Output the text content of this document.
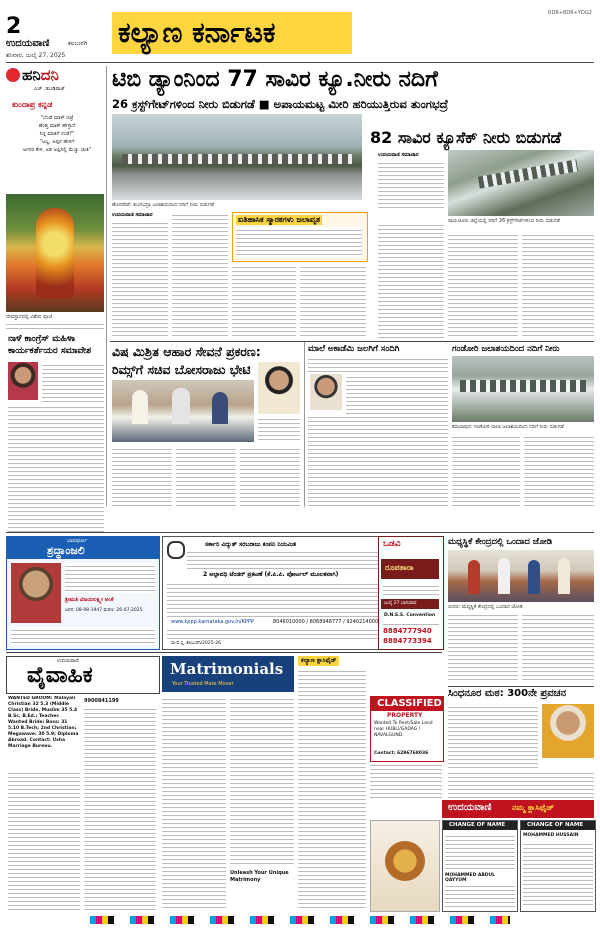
2
ಉದಯವಾಣಿ	ಕಲಬುರಗಿ
ಶನಿವಾರ, ಜುಲೈ 27, 2025
ಕಲ್ಯಾಣ ಕರ್ನಾಟಕ
RDR+BDR+YDG2
ಹನಿದನಿ
ಎಚ್. ಡುಂಡಿರಾಜ್
ಕುಂದಾಪ್ರ ಕನ್ನಡ
"ಬೆಂಡೆ ಮಾತ್ ಬಿಟ್ರೆ
ಹೆಂಡ್ತಿ ಮಾತ್ ಹೇಳ್ತಾನೆ
ನಿನ್ನ ಮಾತಿಗೆ ರಂಡೆ?"
"ಅಲ್ಲ, ಅಪ್ಪನ ಹೇಳಿಗೆ
ಅಗಸರ ಕೇಳಿ, ಅಡಿ ಅಪ್ಪಿಸಲ್ಲಿ ಮೆಚ್ಚು ಚಿಂತಿ"
ದೇವಸ್ಥಾನದಲ್ಲಿ ವಿಶೇಷ ಪೂಜೆ
ನಾಳೆ ಕಾಂಗ್ರೆಸ್ ಮಹಿಳಾ
ಕಾರ್ಯಕರ್ತೆಯರ ಸಮಾವೇಶ
ಟಿಬಿ ಡ್ಯಾಂನಿಂದ 77 ಸಾವಿರ ಕ್ಯೂ.ನೀರು ನದಿಗೆ
26 ಕ್ರಸ್ಟ್‌ಗೇಟ್‌ಗಳಿಂದ ನೀರು ಬಿಡುಗಡೆ ■ ಅಪಾಯಮಟ್ಟ ಮೀರಿ ಹರಿಯುತ್ತಿರುವ ತುಂಗಭದ್ರೆ
ಹೊಸಪೇಟೆ: ತುಂಗಭದ್ರಾ ಜಲಾಶಯದಿಂದ ನದಿಗೆ ನೀರು ಬಿಡುಗಡೆ
ಉದಯವಾಣಿ ಸಮಾಚಾರ	ಐತಿಹಾಸಿಕ ಸ್ಮಾರಕಗಳು ಜಲಾವೃತ
82 ಸಾವಿರ ಕ್ಯೂಸೆಕ್ ನೀರು ಬಿಡುಗಡೆ
ಉದಯವಾಣಿ ಸಮಾಚಾರ
ರಾಯಚೂರು ಜಿಲ್ಲೆಯಲ್ಲಿ ನದಿಗೆ 26 ಕ್ರಸ್ಟ್‌ಗೇಟ್‌ಗಳಿಂದ ನೀರು ಬಿಡುಗಡೆ
ವಿಷ ಮಿಶ್ರಿತ ಆಹಾರ ಸೇವನೆ ಪ್ರಕರಣ:
ರಿಮ್ಸ್‌ಗೆ ಸಚಿವ ಬೋಸರಾಜು ಭೇಟಿ
ಮಾಲೆ ಅಕಾಡೆಮಿ ಜಲಗಿಗೆ ಸಂದಿಗಿ	ಗಂಡೋರಿ ಜಲಾಶಯದಿಂದ ನದಿಗೆ ನೀರು
ಕಮಲಾಪುರ: ಗಂಡೋರಿ ನಾಲಾ ಜಲಾಶಯದಿಂದ ನದಿಗೆ ನೀರು ಬಿಡುಗಡೆ
ಭಾವಪೂರ್ಣ
ಶ್ರದ್ಧಾಂಜಲಿ
ಶ್ರೀಮತಿ ವಿಜಯಲಕ್ಷ್ಮೀ ಅಂಕೆ
ಜನನ: 08-08-1947 ಮರಣ: 26-07-2025
ಸರ್ಕಾರಿ ವಿದ್ಯುತ್ ಸರಬರಾಜು ಕಂಪನಿ ನಿಯಮಿತ
2 ಅಲ್ಪಾವಧಿ ಟೆಂಡರ್ ಪ್ರಕಟಣೆ (ಕೆ.ಪಿ.ಪಿ. ಪೋರ್ಟಲ್ ಮೂಲಕವಾಗಿ)
www.kppp.karnataka.gov.in/KPPP	8046010000 / 8068948777 / 9240214000
ಸಾ.ಪ.ಸ್ತ. ಕಲಬುರಗಿ/2025-26
ಒಡವಿ
ರೂಪತಾರಾ
ಜುಲೈ 27 ಭಾನುವಾರ
D.N.S.S. Convention
8884777940
8884773394
ಮಧ್ಯಸ್ಥಿಕೆ ಕೇಂದ್ರದಲ್ಲಿ ಒಂದಾದ ಜೋಡಿ
ಬೀದರ: ಮಧ್ಯಸ್ಥಿಕೆ ಕೇಂದ್ರದಲ್ಲಿ ಒಂದಾದ ಜೋಡಿ
ಸಿಂಧನೂರ ಮಠ: 300ನೇ ಪ್ರವಚನ
ಉದಯವಾಣಿ
ವೈವಾಹಿಕ	Matrimonials
Your Trusted Mate Mover
WANTED GROOM: Malayali Christian 32 5.3 (Middle Class) Bride, Muslim 35 5.4 B.Sc, B.Ed.; Teacher. Wanted Bride: Boss: 31 5.10 B.Tech; 2nd Christian; Megawave: 30 5.9; Diploma Abroad. Contact: Usha Marriage Bureau.
9900841199
Unleash Your Unique Matrimony
ಕಲ್ಯಾಣ ಕ್ಲಾಸಿಫೈಡ್
CLASSIFIED
PROPERTY
Wanted To Rent/Sale Land near HUBLI/GADAG / NAVALGUND.
Contact: 6296768036
ಉದಯವಾಣಿ	ನಮ್ಮ ಕ್ಲಾಸಿಫೈಡ್
CHANGE OF NAME
MOHAMMED ABDUL QAYYUM
CHANGE OF NAME
MOHAMMED HUSSAIN
